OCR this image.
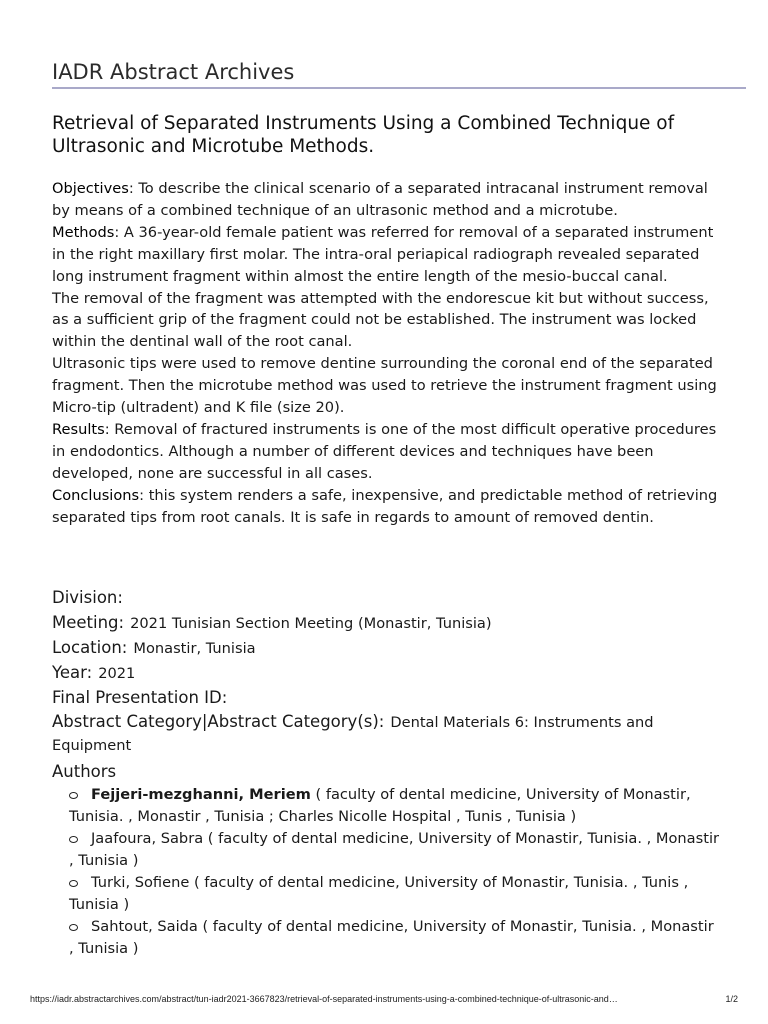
IADR Abstract Archives
Retrieval of Separated Instruments Using a Combined Technique of Ultrasonic and Microtube Methods.

Objectives: To describe the clinical scenario of a separated intracanal instrument removal by means of a combined technique of an ultrasonic method and a microtube.

Methods: A 36-year-old female patient was referred for removal of a separated instrument in the right maxillary first molar. The intra-oral periapical radiograph revealed separated long instrument fragment within almost the entire length of the mesio-buccal canal.

The removal of the fragment was attempted with the endorescue kit but without success, as a sufficient grip of the fragment could not be established. The instrument was locked within the dentinal wall of the root canal.

Ultrasonic tips were used to remove dentine surrounding the coronal end of the separated fragment. Then the microtube method was used to retrieve the instrument fragment using Micro-tip (ultradent) and K file (size 20).

Results: Removal of fractured instruments is one of the most difficult operative procedures in endodontics. Although a number of different devices and techniques have been developed, none are successful in all cases.

Conclusions: this system renders a safe, inexpensive, and predictable method of retrieving separated tips from root canals. It is safe in regards to amount of removed dentin.

Division:
Meeting: 2021 Tunisian Section Meeting (Monastir, Tunisia)
Location: Monastir, Tunisia
Year: 2021
Final Presentation ID:
Abstract Category|Abstract Category(s): Dental Materials 6: Instruments and Equipment
Authors
Fejjeri-mezghanni, Meriem ( faculty of dental medicine, University of Monastir, Tunisia. , Monastir , Tunisia ; Charles Nicolle Hospital , Tunis , Tunisia )
Jaafoura, Sabra ( faculty of dental medicine, University of Monastir, Tunisia. , Monastir , Tunisia )
Turki, Sofiene ( faculty of dental medicine, University of Monastir, Tunisia. , Tunis , Tunisia )
Sahtout, Saida ( faculty of dental medicine, University of Monastir, Tunisia. , Monastir , Tunisia )
https://iadr.abstractarchives.com/abstract/tun-iadr2021-3667823/retrieval-of-separated-instruments-using-a-combined-technique-of-ultrasonic-and…	1/2
